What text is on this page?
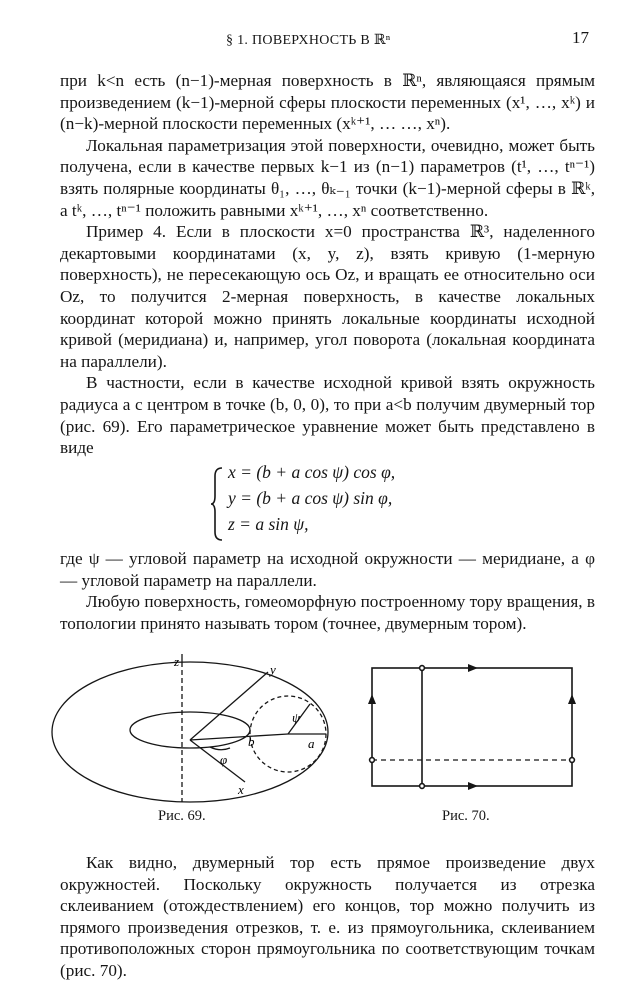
§ 1. ПОВЕРХНОСТЬ В ℝⁿ	17

при k<n есть (n−1)-мерная поверхность в ℝⁿ, являющаяся прямым произведением (k−1)-мерной сферы плоскости переменных (x¹, …, xᵏ) и (n−k)-мерной плоскости переменных (xᵏ⁺¹, … …, xⁿ).

Локальная параметризация этой поверхности, очевидно, может быть получена, если в качестве первых k−1 из (n−1) параметров (t¹, …, tⁿ⁻¹) взять полярные координаты θ₁, …, θₖ₋₁ точки (k−1)-мерной сферы в ℝᵏ, а tᵏ, …, tⁿ⁻¹ положить равными xᵏ⁺¹, …, xⁿ соответственно.

Пример 4. Если в плоскости x=0 пространства ℝ³, наделенного декартовыми координатами (x, y, z), взять кривую (1-мерную поверхность), не пересекающую ось Oz, и вращать ее относительно оси Oz, то получится 2-мерная поверхность, в качестве локальных координат которой можно принять локальные координаты исходной кривой (меридиана) и, например, угол поворота (локальная координата на параллели).

В частности, если в качестве исходной кривой взять окружность радиуса a с центром в точке (b, 0, 0), то при a<b получим двумерный тор (рис. 69). Его параметрическое уравнение может быть представлено в виде

x = (b + a cos ψ) cos φ,
y = (b + a cos ψ) sin φ,
z = a sin ψ,

где ψ — угловой параметр на исходной окружности — меридиане, а φ — угловой параметр на параллели.

Любую поверхность, гомеоморфную построенному тору вращения, в топологии принято называть тором (точнее, двумерным тором).

z
y
x
a
b
ψ
φ
Рис. 69.	Рис. 70.

Как видно, двумерный тор есть прямое произведение двух окружностей. Поскольку окружность получается из отрезка склеиванием (отождествлением) его концов, тор можно получить из прямого произведения отрезков, т. е. из прямоугольника, склеиванием противоположных сторон прямоугольника по соответствующим точкам (рис. 70).
